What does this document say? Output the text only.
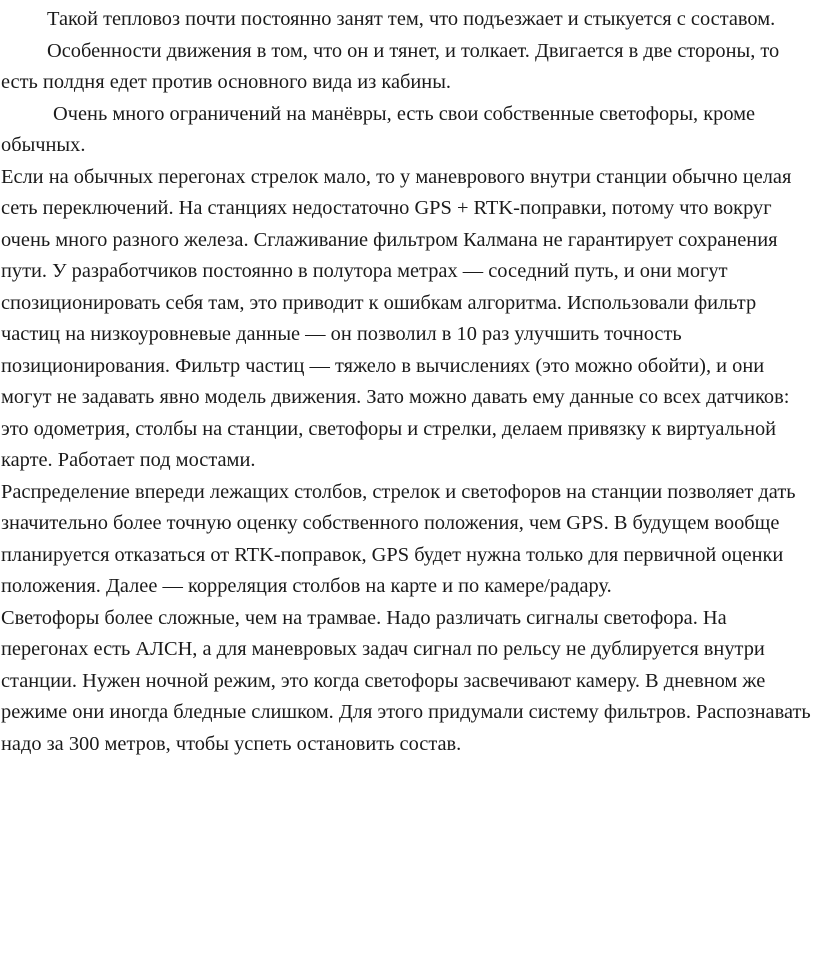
Такой тепловоз почти постоянно занят тем, что подъезжает и стыкуется с составом.

Особенности движения в том, что он и тянет, и толкает. Двигается в две стороны, то есть полдня едет против основного вида из кабины.

Очень много ограничений на манёвры, есть свои собственные светофоры, кроме обычных.

Если на обычных перегонах стрелок мало, то у маневрового внутри станции обычно целая сеть переключений. На станциях недостаточно GPS + RTK-поправки, потому что вокруг очень много разного железа. Сглаживание фильтром Калмана не гарантирует сохранения пути. У разработчиков постоянно в полутора метрах — соседний путь, и они могут спозиционировать себя там, это приводит к ошибкам алгоритма. Использовали фильтр частиц на низкоуровневые данные — он позволил в 10 раз улучшить точность позиционирования. Фильтр частиц — тяжело в вычислениях (это можно обойти), и они могут не задавать явно модель движения. Зато можно давать ему данные со всех датчиков: это одометрия, столбы на станции, светофоры и стрелки, делаем привязку к виртуальной карте. Работает под мостами.

Распределение впереди лежащих столбов, стрелок и светофоров на станции позволяет дать значительно более точную оценку собственного положения, чем GPS. В будущем вообще планируется отказаться от RTK-поправок, GPS будет нужна только для первичной оценки положения. Далее — корреляция столбов на карте и по камере/радару.

Светофоры более сложные, чем на трамвае. Надо различать сигналы светофора. На перегонах есть АЛСН, а для маневровых задач сигнал по рельсу не дублируется внутри станции. Нужен ночной режим, это когда светофоры засвечивают камеру. В дневном же режиме они иногда бледные слишком. Для этого придумали систему фильтров. Распознавать надо за 300 метров, чтобы успеть остановить состав.
